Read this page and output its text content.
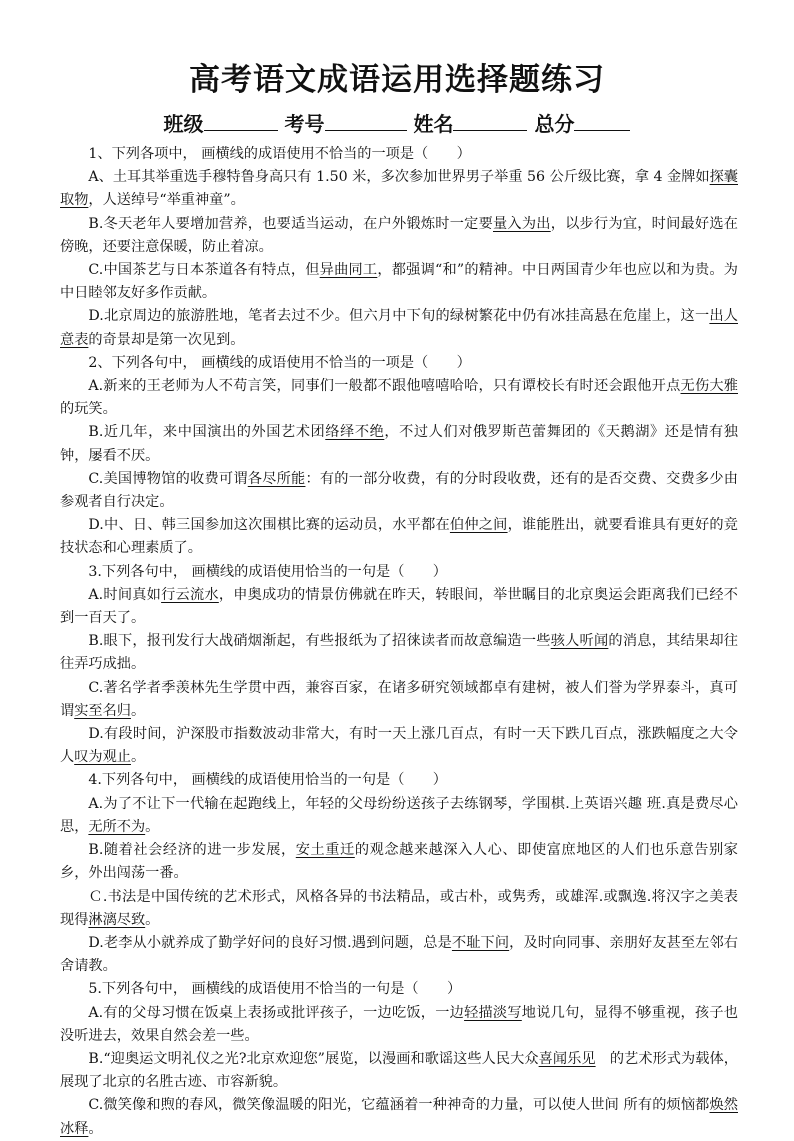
高考语文成语运用选择题练习
班级	考号	姓名	总分

1、下列各项中， 画横线的成语使用不恰当的一项是（　　）

A、土耳其举重选手穆特鲁身高只有 1.50 米，多次参加世界男子举重 56 公斤级比赛，拿 4 金牌如探囊取物，人送绰号“举重神童”。

B.冬天老年人要增加营养，也要适当运动，在户外锻炼时一定要量入为出，以步行为宜，时间最好选在傍晚，还要注意保暖，防止着凉。

C.中国茶艺与日本茶道各有特点，但异曲同工，都强调“和”的精神。中日两国青少年也应以和为贵。为中日睦邻友好多作贡献。

D.北京周边的旅游胜地，笔者去过不少。但六月中下旬的绿树繁花中仍有冰挂高悬在危崖上，这一出人意表的奇景却是第一次见到。

2、下列各句中， 画横线的成语使用不恰当的一项是（　　）

A.新来的王老师为人不苟言笑，同事们一般都不跟他嘻嘻哈哈，只有谭校长有时还会跟他开点无伤大雅的玩笑。

B.近几年，来中国演出的外国艺术团络绎不绝，不过人们对俄罗斯芭蕾舞团的《天鹅湖》还是情有独钟，屡看不厌。

C.美国博物馆的收费可谓各尽所能：有的一部分收费，有的分时段收费，还有的是否交费、交费多少由参观者自行决定。

D.中、日、韩三国参加这次围棋比赛的运动员，水平都在伯仲之间，谁能胜出，就要看谁具有更好的竞技状态和心理素质了。

3.下列各句中， 画横线的成语使用恰当的一句是（　　）

A.时间真如行云流水，申奥成功的情景仿佛就在昨天，转眼间，举世瞩目的北京奥运会距离我们已经不到一百天了。

B.眼下，报刊发行大战硝烟渐起，有些报纸为了招徕读者而故意编造一些骇人听闻的消息，其结果却往往弄巧成拙。

C.著名学者季羡林先生学贯中西，兼容百家，在诸多研究领域都卓有建树，被人们誉为学界泰斗，真可谓实至名归。

D.有段时间，沪深股市指数波动非常大，有时一天上涨几百点，有时一天下跌几百点，涨跌幅度之大令人叹为观止。

4.下列各句中， 画横线的成语使用恰当的一句是（　　）

A.为了不让下一代输在起跑线上，年轻的父母纷纷送孩子去练钢琴，学围棋.上英语兴趣 班.真是费尽心思，无所不为。

B.随着社会经济的进一步发展，安土重迁的观念越来越深入人心、即使富庶地区的人们也乐意告别家乡，外出闯荡一番。

Ｃ.书法是中国传统的艺术形式，风格各异的书法精品，或古朴，或隽秀，或雄浑.或飘逸.将汉字之美表现得淋漓尽致。

D.老李从小就养成了勤学好问的良好习惯.遇到问题，总是不耻下问，及时向同事、亲朋好友甚至左邻右舍请教。

5.下列各句中， 画横线的成语使用不恰当的一句是（　　）

A.有的父母习惯在饭桌上表扬或批评孩子，一边吃饭，一边轻描淡写地说几句，显得不够重视，孩子也没听进去，效果自然会差一些。

B.“迎奥运文明礼仪之光?北京欢迎您”展览，以漫画和歌谣这些人民大众喜闻乐见　的艺术形式为载体，展现了北京的名胜古迹、市容新貌。

C.微笑像和煦的春风，微笑像温暖的阳光，它蕴涵着一种神奇的力量，可以使人世间 所有的烦恼都焕然冰释。
